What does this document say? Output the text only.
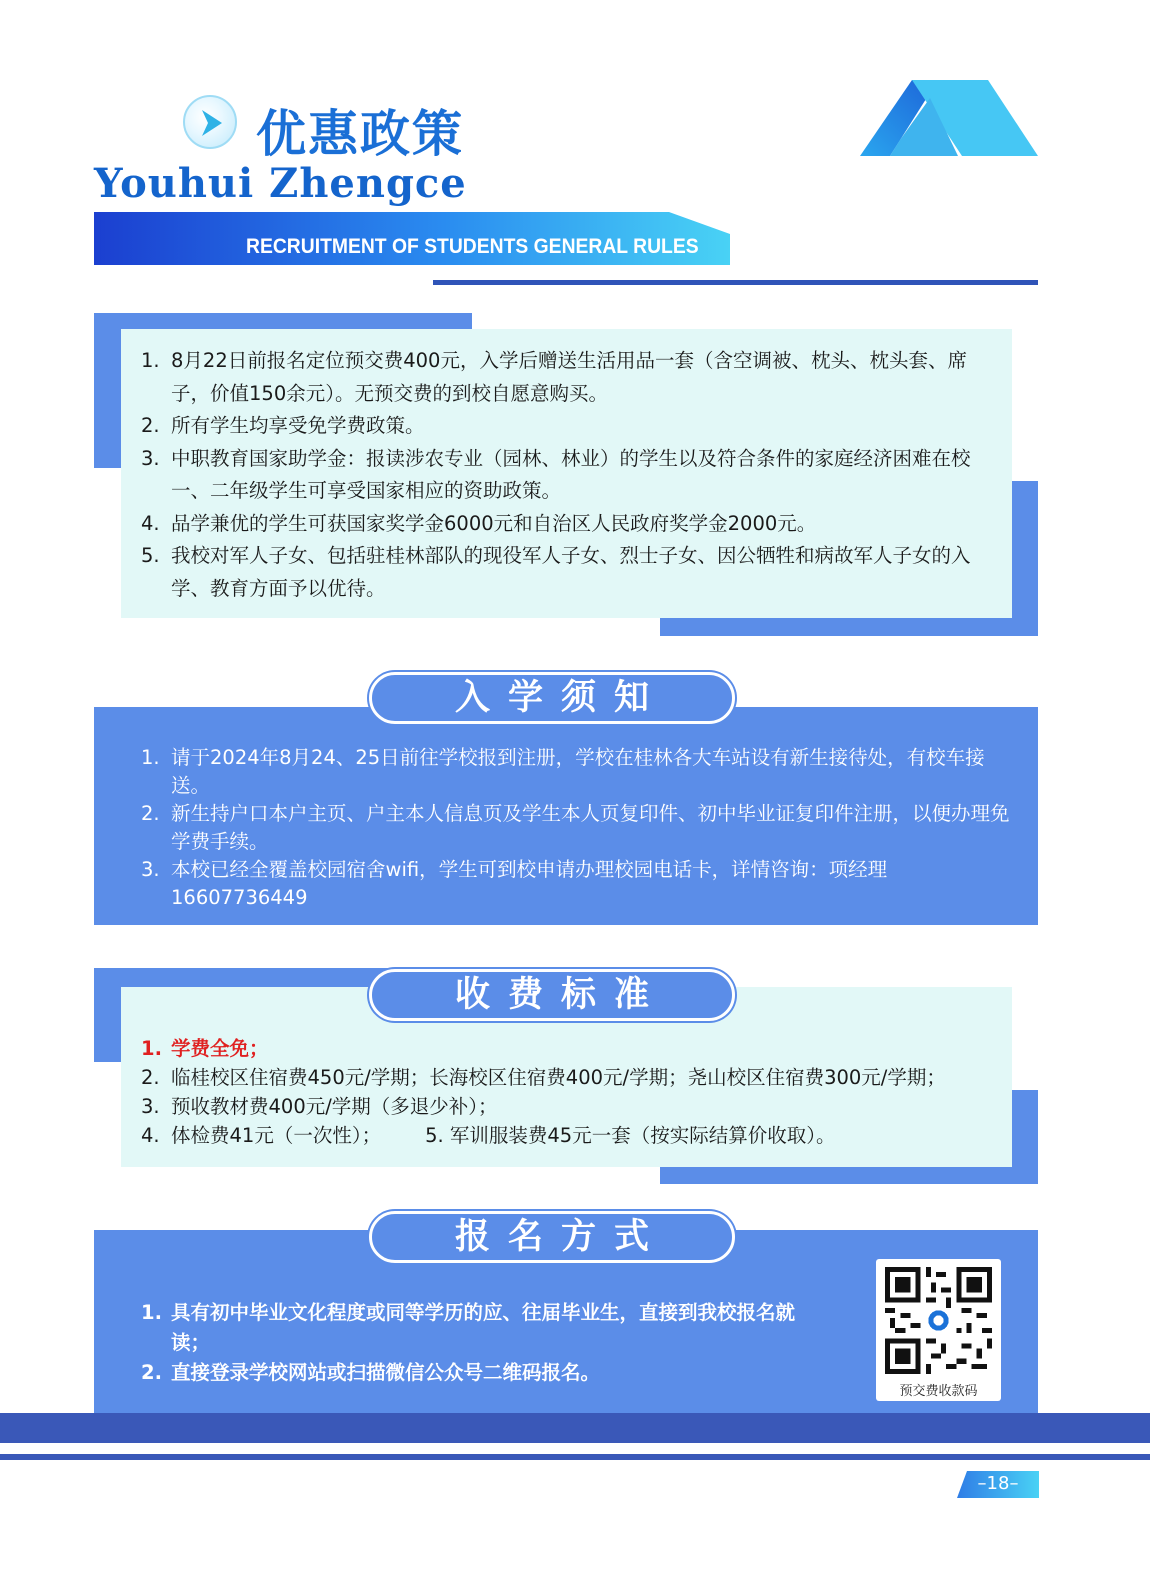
优惠政策
Youhui Zhengce
RECRUITMENT OF STUDENTS GENERAL RULES
1. 8月22日前报名定位预交费400元，入学后赠送生活用品一套（含空调被、枕头、枕头套、席子，价值150余元）。无预交费的到校自愿意购买。
2. 所有学生均享受免学费政策。
3. 中职教育国家助学金：报读涉农专业（园林、林业）的学生以及符合条件的家庭经济困难在校一、二年级学生可享受国家相应的资助政策。
4. 品学兼优的学生可获国家奖学金6000元和自治区人民政府奖学金2000元。
5. 我校对军人子女、包括驻桂林部队的现役军人子女、烈士子女、因公牺牲和病故军人子女的入学、教育方面予以优待。
入学须知
1. 请于2024年8月24、25日前往学校报到注册，学校在桂林各大车站设有新生接待处，有校车接送。
2. 新生持户口本户主页、户主本人信息页及学生本人页复印件、初中毕业证复印件注册，以便办理免学费手续。
3. 本校已经全覆盖校园宿舍wifi，学生可到校申请办理校园电话卡，详情咨询：项经理 16607736449
收费标准
1. 学费全免；
2. 临桂校区住宿费450元/学期；长海校区住宿费400元/学期；尧山校区住宿费300元/学期；
3. 预收教材费400元/学期（多退少补）；
4. 体检费41元（一次性）； 5. 军训服装费45元一套（按实际结算价收取）。
报名方式
1. 具有初中毕业文化程度或同等学历的应、往届毕业生，直接到我校报名就读；
2. 直接登录学校网站或扫描微信公众号二维码报名。
预交费收款码
–18–
